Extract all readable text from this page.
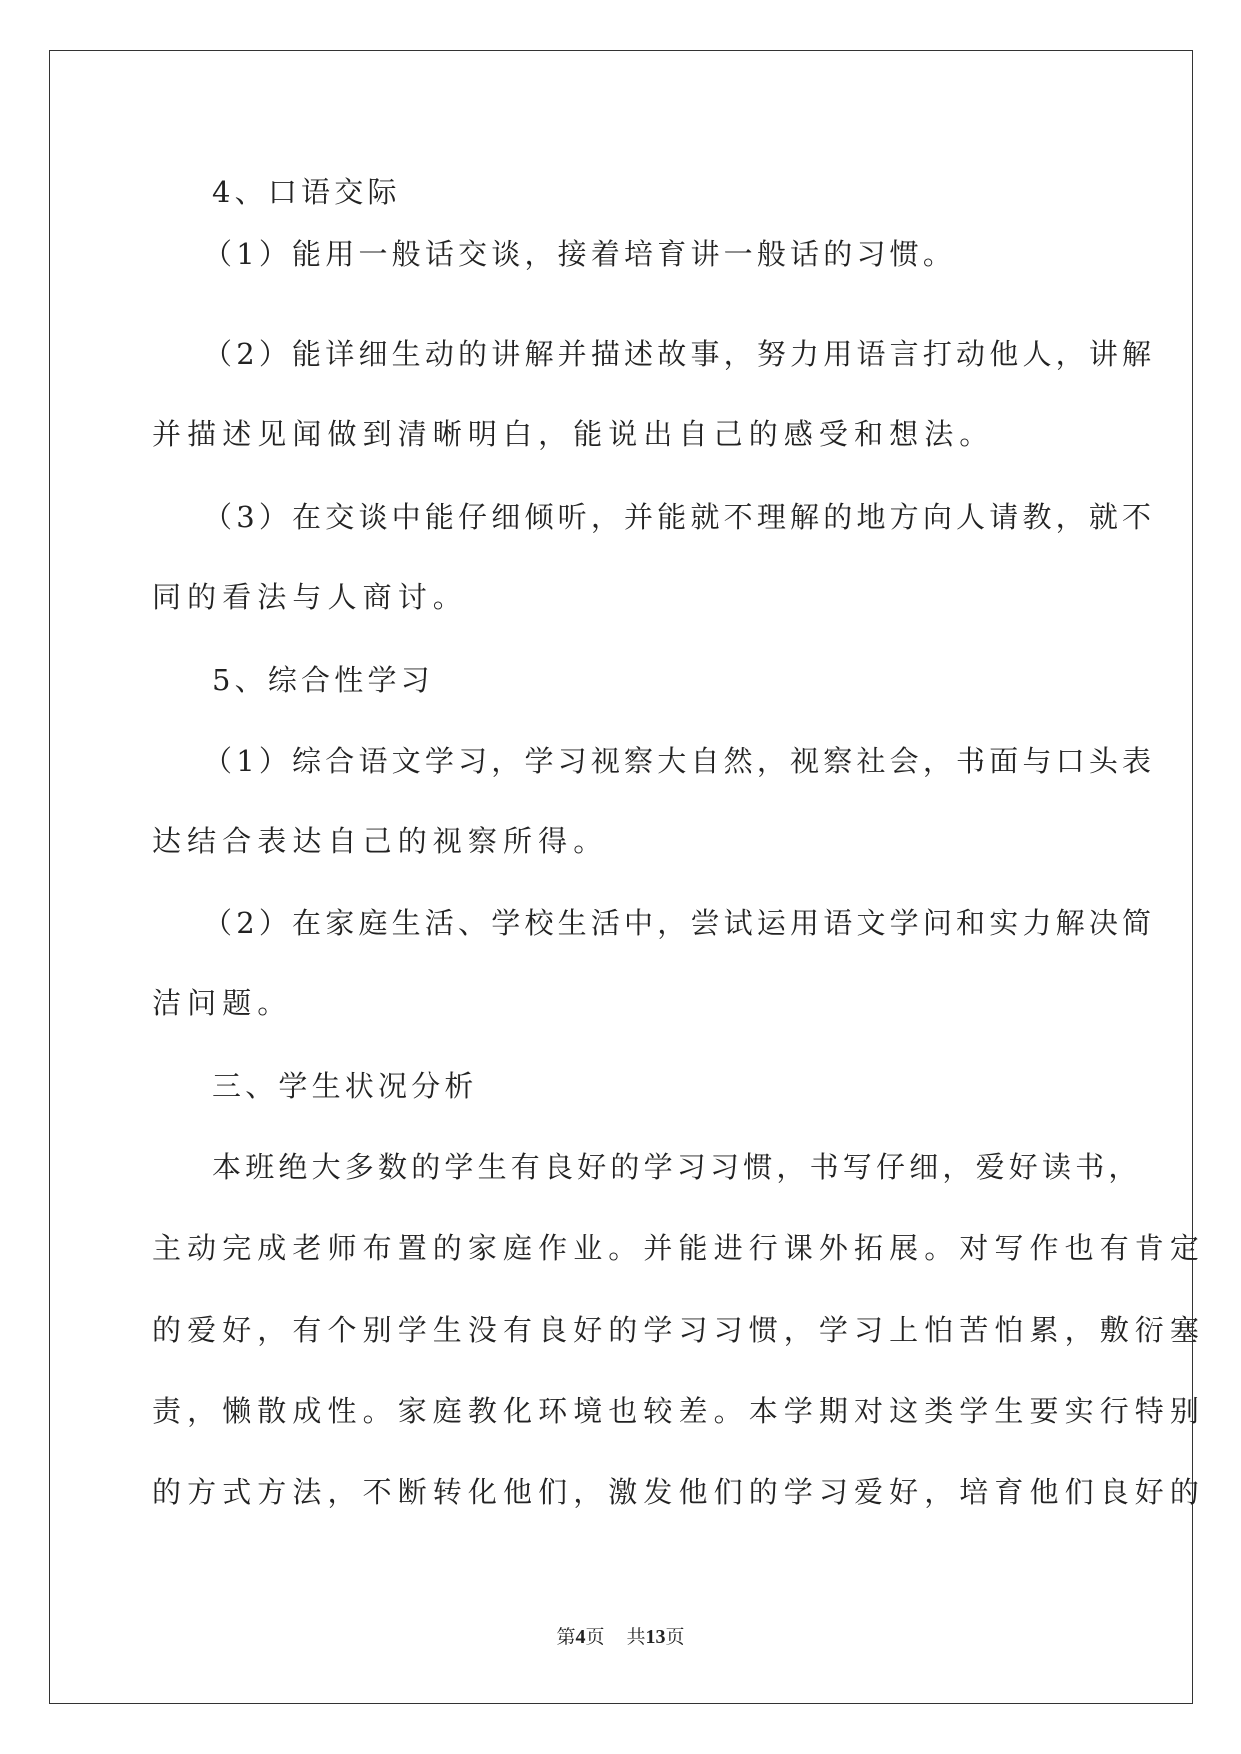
4、口语交际
（1）能用一般话交谈，接着培育讲一般话的习惯。
（2）能详细生动的讲解并描述故事，努力用语言打动他人，讲解
并描述见闻做到清晰明白，能说出自己的感受和想法。
（3）在交谈中能仔细倾听，并能就不理解的地方向人请教，就不
同的看法与人商讨。
5、综合性学习
（1）综合语文学习，学习视察大自然，视察社会，书面与口头表
达结合表达自己的视察所得。
（2）在家庭生活、学校生活中，尝试运用语文学问和实力解决简
洁问题。
三、学生状况分析
本班绝大多数的学生有良好的学习习惯，书写仔细，爱好读书，
主动完成老师布置的家庭作业。并能进行课外拓展。对写作也有肯定
的爱好，有个别学生没有良好的学习习惯，学习上怕苦怕累，敷衍塞
责，懒散成性。家庭教化环境也较差。本学期对这类学生要实行特别
的方式方法，不断转化他们，激发他们的学习爱好，培育他们良好的
第4页 共13页
